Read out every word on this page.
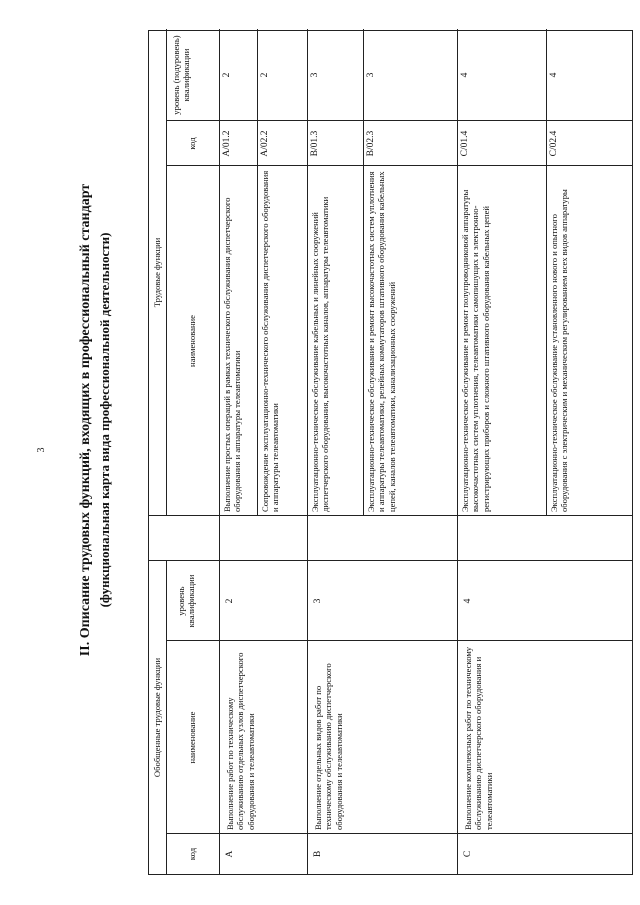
3 II. Описание трудовых функций, входящих в профессиональный стандарт (функциональная карта вида профессиональной деятельности)
Обобщенные трудовые функции
Трудовые функции
код
наименование
уровень квалификации
наименование
код
уровень (подуровень) квалификации
A
Выполнение работ по техническому обслуживанию отдельных узлов диспетчерского оборудования и телеавтоматики
2
B
Выполнение отдельных видов работ по техническому обслуживанию диспетчерского оборудования и телеавтоматики
3
C
Выполнение комплексных работ по техническому обслуживанию диспетчерского оборудования и телеавтоматики
4
Выполнение простых операций в рамках технического обслуживания диспетчерского оборудования и аппаратуры телеавтоматики
A/01.2
2
Сопровождение эксплуатационно-технического обслуживания диспетчерского оборудования и аппаратуры телеавтоматики
A/02.2
2
Эксплуатационно-техническое обслуживание кабельных и линейных сооружений диспетчерского оборудования, высокочастотных каналов, аппаратуры телеавтоматики
B/01.3
3
Эксплуатационно-техническое обслуживание и ремонт высокочастотных систем уплотнения и аппаратуры телеавтоматики, релейных коммутаторов штативного оборудования кабельных цепей, каналов телеавтоматики, канализационных сооружений
B/02.3
3
Эксплуатационно-техническое обслуживание и ремонт полупроводниковой аппаратуры высокочастотных систем уплотнения, телеавтоматики самопишущих и электронно-регистрирующих приборов и сложного штативного оборудования кабельных цепей
C/01.4
4
Эксплуатационно-техническое обслуживание установленного нового и опытного оборудования с электрическим и механическим регулированием всех видов аппаратуры
C/02.4
4
